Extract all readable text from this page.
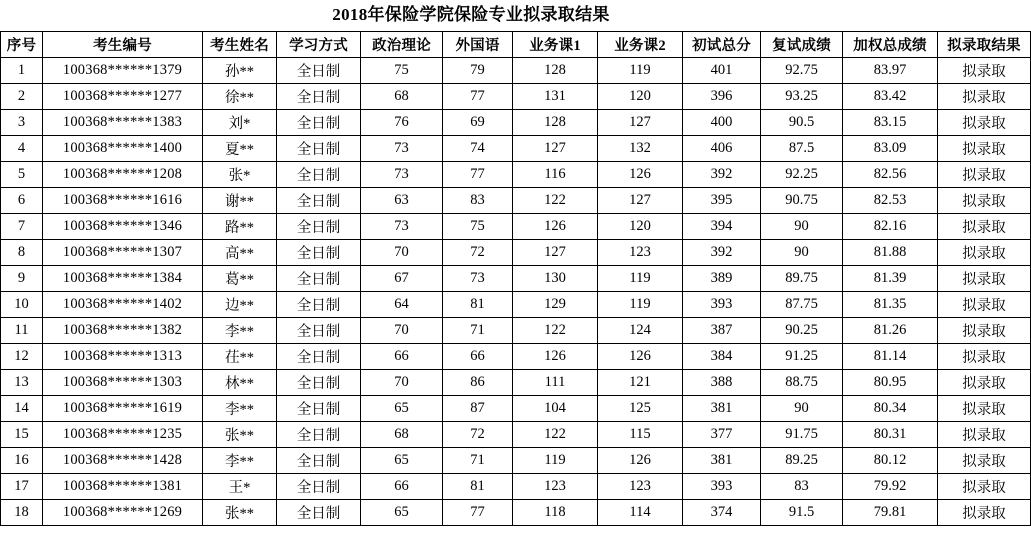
2018年保险学院保险专业拟录取结果
序号	考生编号	考生姓名	学习方式	政治理论	外国语	业务课1	业务课2	初试总分	复试成绩	加权总成绩	拟录取结果
1	100368******1379	孙**	全日制	75	79	128	119	401	92.75	83.97	拟录取
2	100368******1277	徐**	全日制	68	77	131	120	396	93.25	83.42	拟录取
3	100368******1383	刘*	全日制	76	69	128	127	400	90.5	83.15	拟录取
4	100368******1400	夏**	全日制	73	74	127	132	406	87.5	83.09	拟录取
5	100368******1208	张*	全日制	73	77	116	126	392	92.25	82.56	拟录取
6	100368******1616	谢**	全日制	63	83	122	127	395	90.75	82.53	拟录取
7	100368******1346	路**	全日制	73	75	126	120	394	90	82.16	拟录取
8	100368******1307	高**	全日制	70	72	127	123	392	90	81.88	拟录取
9	100368******1384	葛**	全日制	67	73	130	119	389	89.75	81.39	拟录取
10	100368******1402	边**	全日制	64	81	129	119	393	87.75	81.35	拟录取
11	100368******1382	李**	全日制	70	71	122	124	387	90.25	81.26	拟录取
12	100368******1313	茌**	全日制	66	66	126	126	384	91.25	81.14	拟录取
13	100368******1303	林**	全日制	70	86	111	121	388	88.75	80.95	拟录取
14	100368******1619	李**	全日制	65	87	104	125	381	90	80.34	拟录取
15	100368******1235	张**	全日制	68	72	122	115	377	91.75	80.31	拟录取
16	100368******1428	李**	全日制	65	71	119	126	381	89.25	80.12	拟录取
17	100368******1381	王*	全日制	66	81	123	123	393	83	79.92	拟录取
18	100368******1269	张**	全日制	65	77	118	114	374	91.5	79.81	拟录取
